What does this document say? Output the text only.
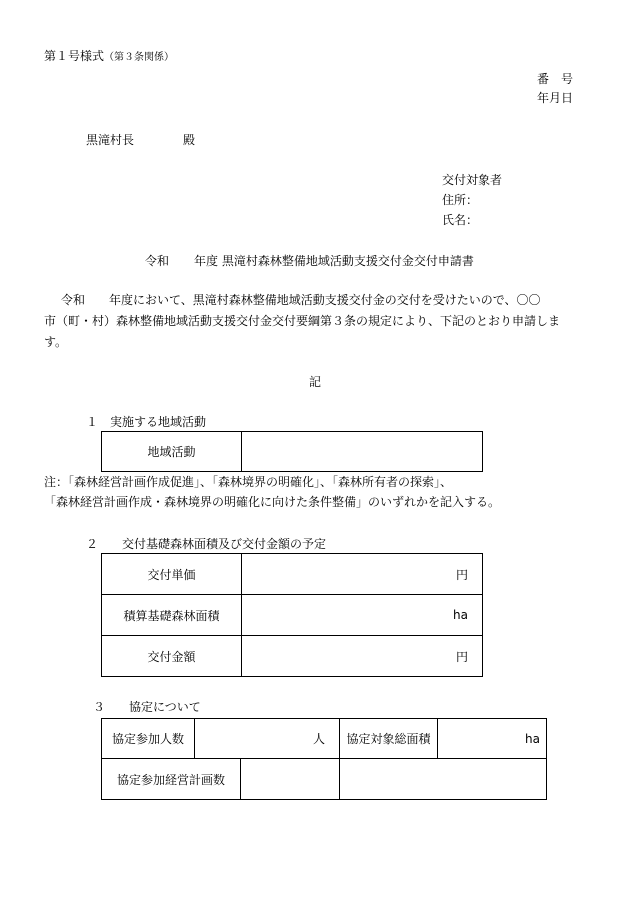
第１号様式（第３条関係）
番　号
年月日
黒滝村長	殿
交付対象者
住所：
氏名：
令和 年度 黒滝村森林整備地域活動支援交付金交付申請書
令和　　年度において、黒滝村森林整備地域活動支援交付金の交付を受けたいので、〇〇
市（町・村）森林整備地域活動支援交付金交付要綱第３条の規定により、下記のとおり申請しま
す。
記
１　実施する地域活動
地域活動	
注：「森林経営計画作成促進」、「森林境界の明確化」、「森林所有者の探索」、
「森林経営計画作成・森林境界の明確化に向けた条件整備」のいずれかを記入する。
２　　交付基礎森林面積及び交付金額の予定
交付単価	円
積算基礎森林面積	ha
交付金額	円
３　　協定について
協定参加人数	人	協定対象総面積	ha

協定参加経営計画数			
